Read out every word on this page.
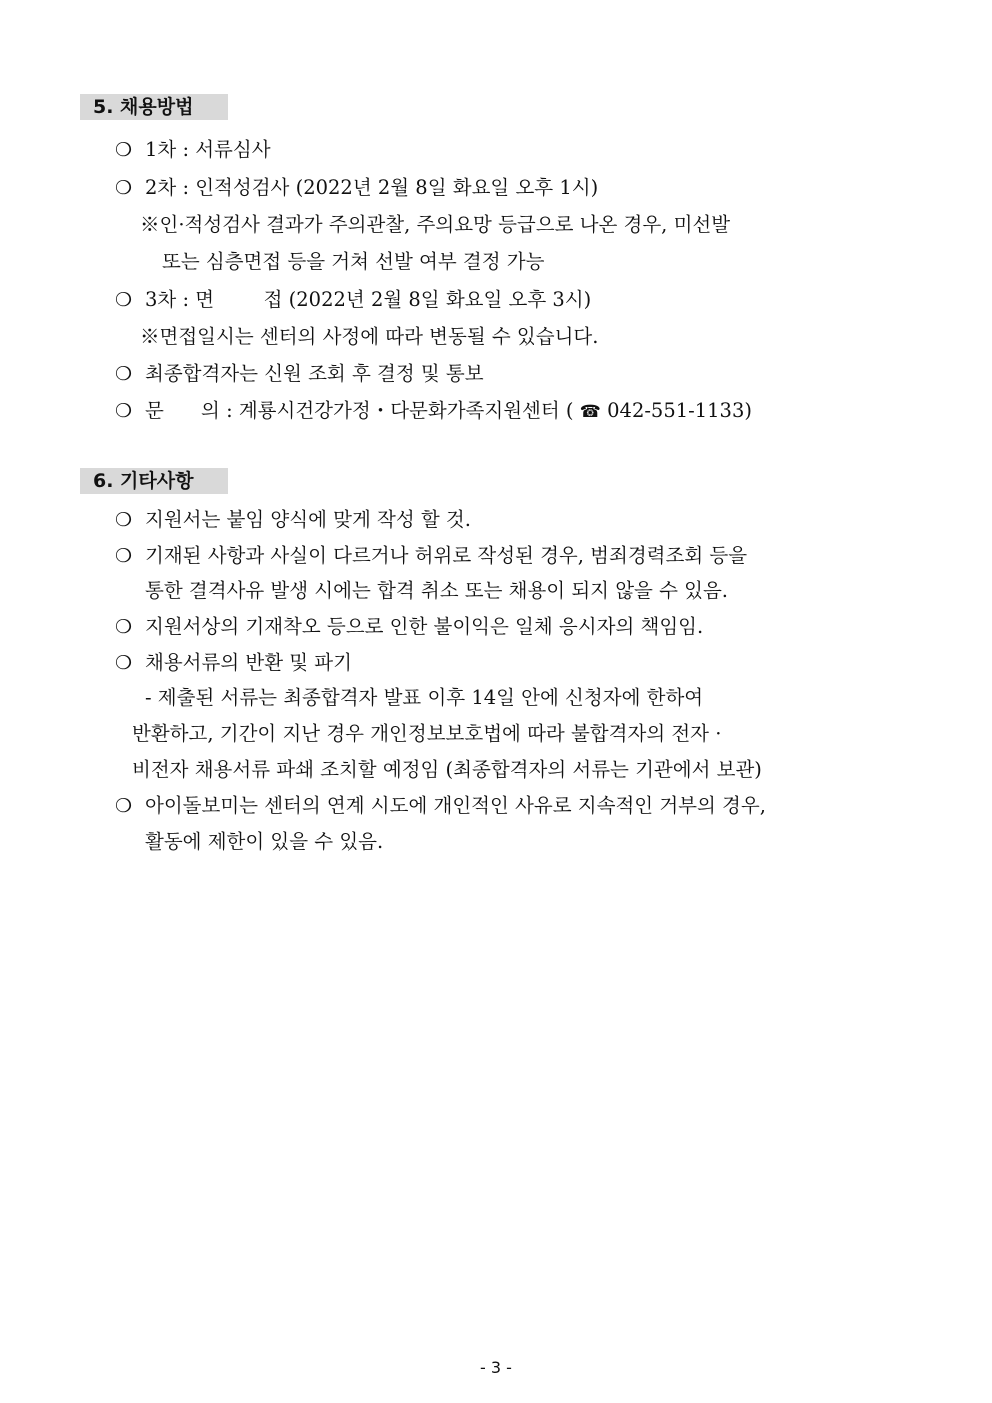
5. 채용방법
❍ 1차 : 서류심사
❍ 2차 : 인적성검사 (2022년 2월 8일 화요일 오후 1시)
※인·적성검사 결과가 주의관찰, 주의요망 등급으로 나온 경우, 미선발
또는 심층면접 등을 거쳐 선발 여부 결정 가능
❍ 3차 : 면        접 (2022년 2월 8일 화요일 오후 3시)
※면접일시는 센터의 사정에 따라 변동될 수 있습니다.
❍ 최종합격자는 신원 조회 후 결정 및 통보
❍ 문      의 : 계룡시건강가정・다문화가족지원센터 ( ☎ 042-551-1133)
6. 기타사항
❍ 지원서는 붙임 양식에 맞게 작성 할 것.
❍ 기재된 사항과 사실이 다르거나 허위로 작성된 경우, 범죄경력조회 등을
통한 결격사유 발생 시에는 합격 취소 또는 채용이 되지 않을 수 있음.
❍ 지원서상의 기재착오 등으로 인한 불이익은 일체 응시자의 책임임.
❍ 채용서류의 반환 및 파기
- 제출된 서류는 최종합격자 발표 이후 14일 안에 신청자에 한하여
반환하고, 기간이 지난 경우 개인정보보호법에 따라 불합격자의 전자 ·
비전자 채용서류 파쇄 조치할 예정임 (최종합격자의 서류는 기관에서 보관)
❍ 아이돌보미는 센터의 연계 시도에 개인적인 사유로 지속적인 거부의 경우,
활동에 제한이 있을 수 있음.
- 3 -
